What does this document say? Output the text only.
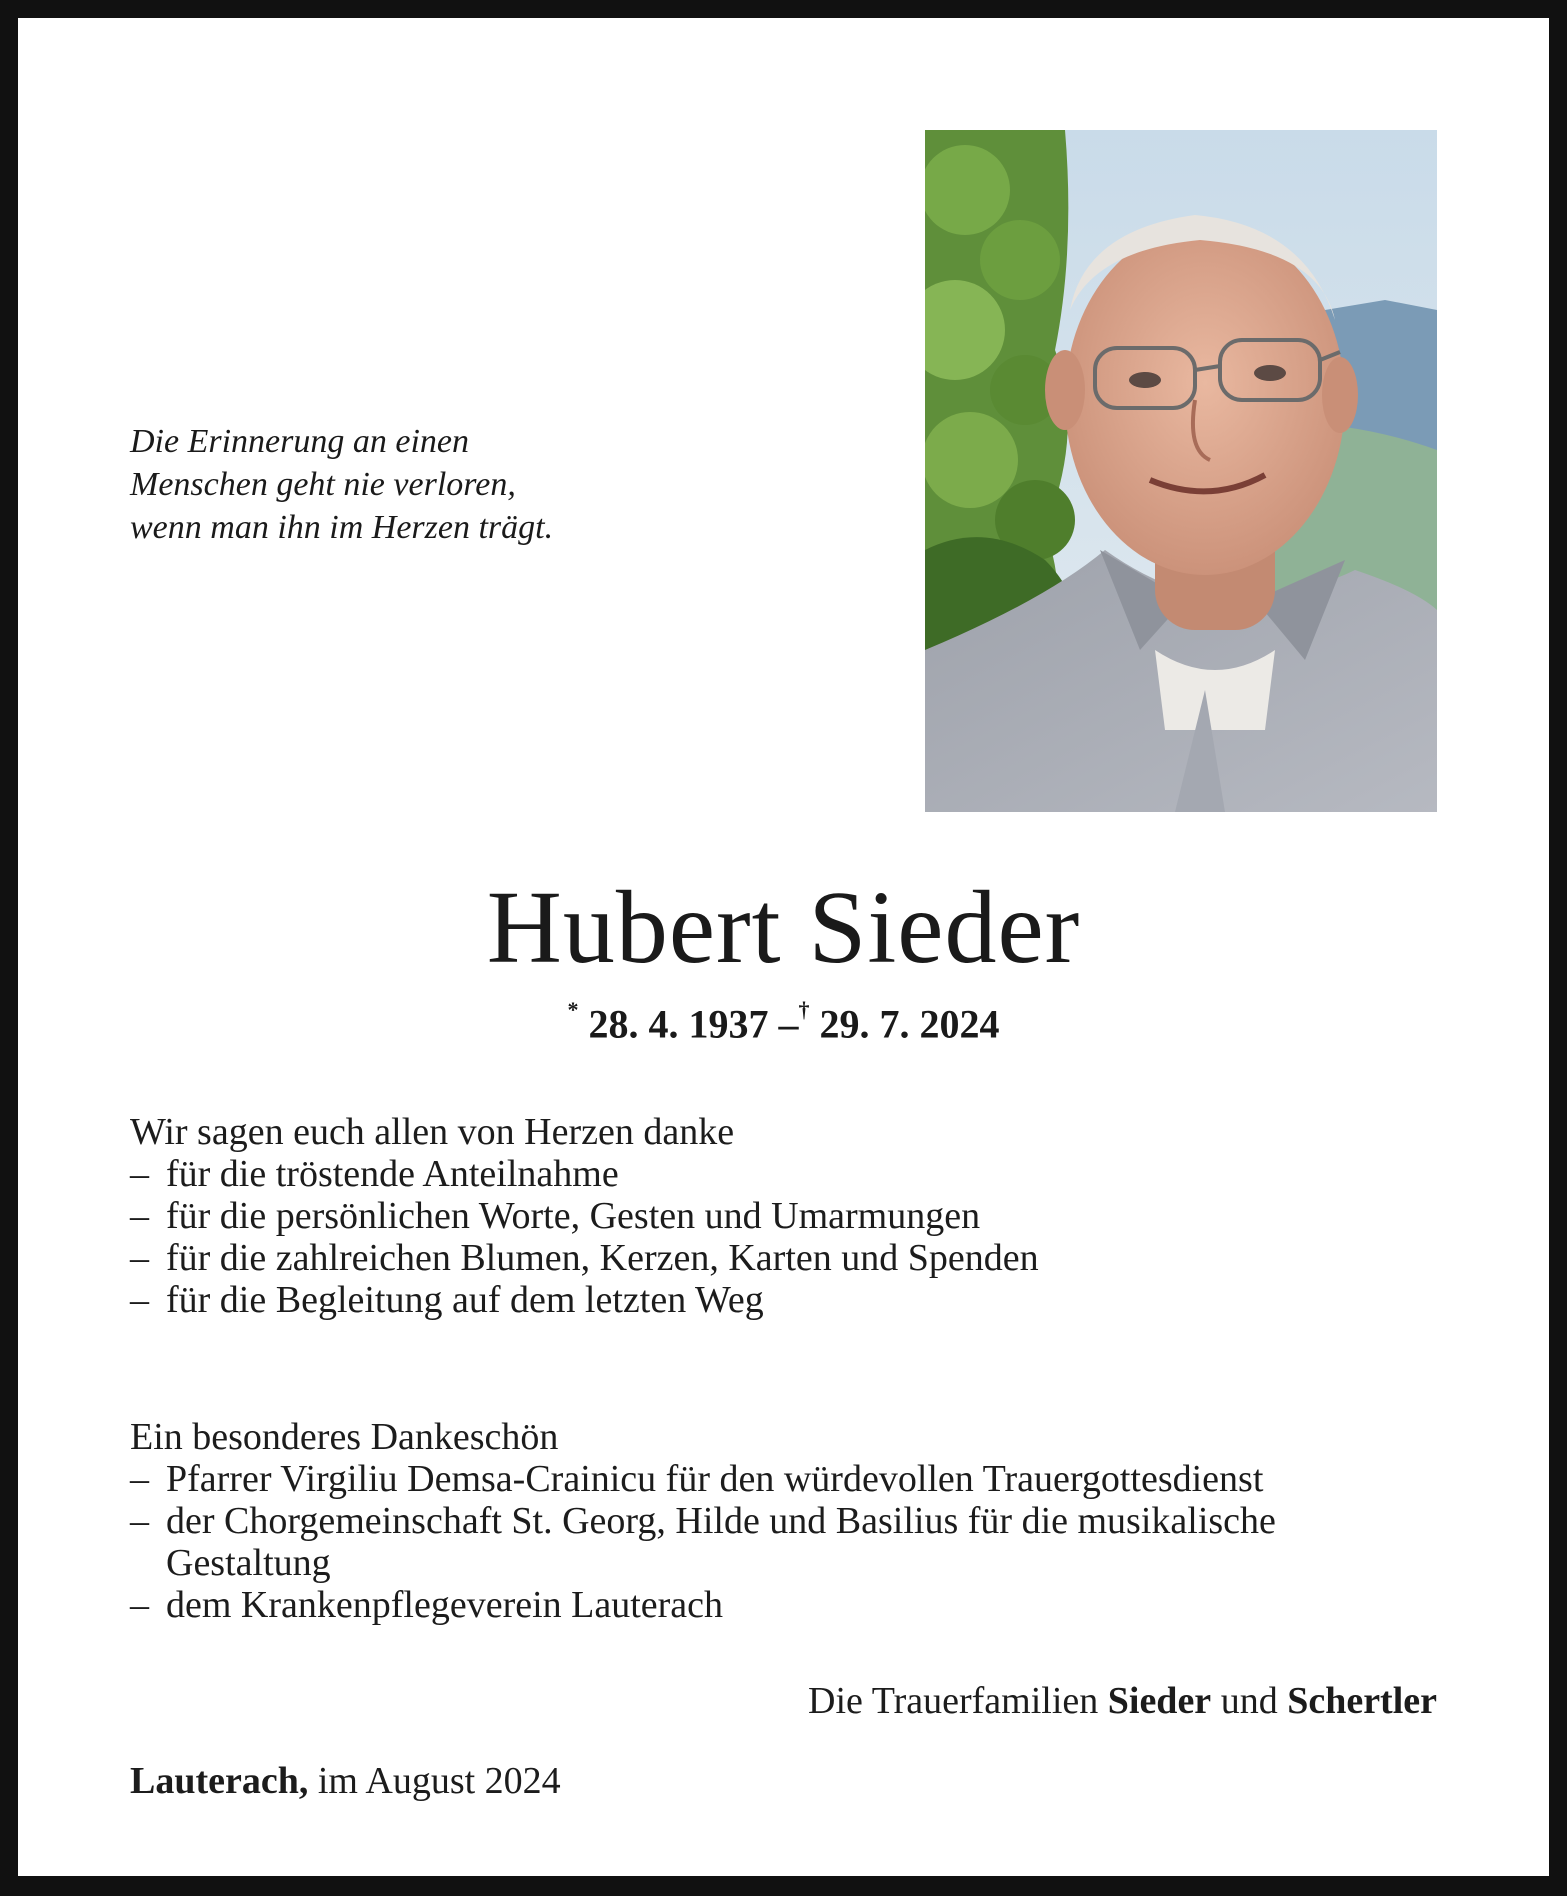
Die Erinnerung an einen
Menschen geht nie verloren,
wenn man ihn im Herzen trägt.
Hubert Sieder
* 28. 4. 1937 –† 29. 7. 2024
Wir sagen euch allen von Herzen danke
– für die tröstende Anteilnahme
– für die persönlichen Worte, Gesten und Umarmungen
– für die zahlreichen Blumen, Kerzen, Karten und Spenden
– für die Begleitung auf dem letzten Weg
Ein besonderes Dankeschön
– Pfarrer Virgiliu Demsa-Crainicu für den würdevollen Trauergottesdienst
– der Chorgemeinschaft St. Georg, Hilde und Basilius für die musikalische Gestaltung
– dem Krankenpflegeverein Lauterach
Die Trauerfamilien Sieder und Schertler
Lauterach, im August 2024
